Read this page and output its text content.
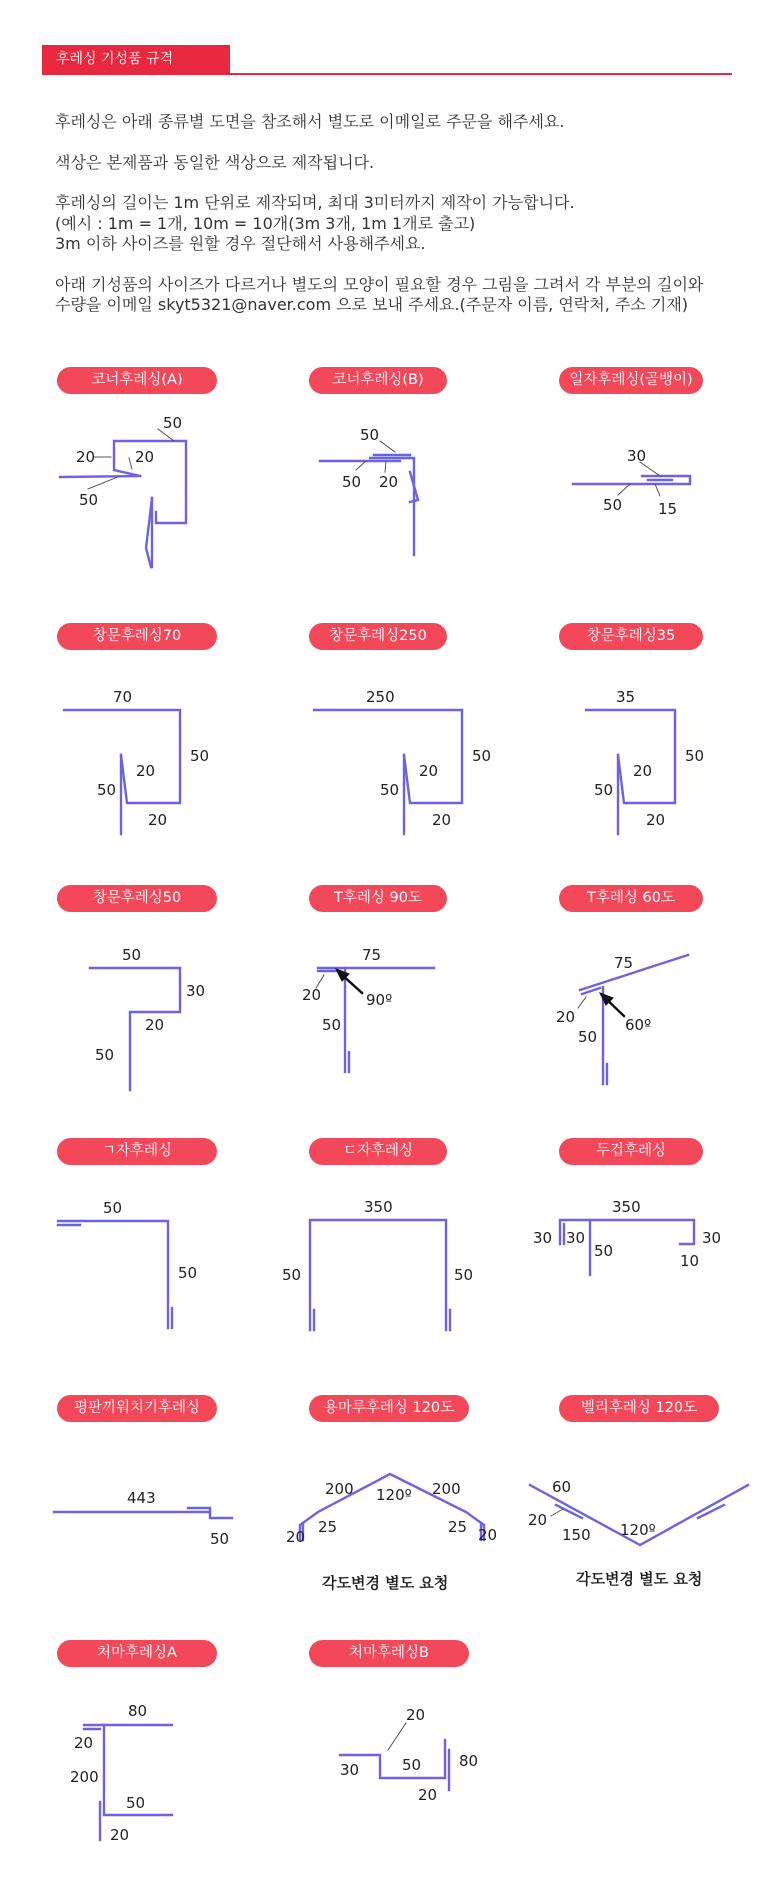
후레싱 기성품 규격

후레싱은 아래 종류별 도면을 참조해서 별도로 이메일로 주문을 해주세요.

색상은 본제품과 동일한 색상으로 제작됩니다.

후레싱의 길이는 1m 단위로 제작되며, 최대 3미터까지 제작이 가능합니다.
(예시 : 1m = 1개, 10m = 10개(3m 3개, 1m 1개로 출고)
3m 이하 사이즈를 원할 경우 절단해서 사용해주세요.

아래 기성품의 사이즈가 다르거나 별도의 모양이 필요할 경우 그림을 그려서 각 부분의 길이와
수량을 이메일 skyt5321@naver.com 으로 보내 주세요.(주문자 이름, 연락처, 주소 기재)

코너후레싱(A)	코너후레싱(B)	일자후레싱(골뱅이)
창문후레싱70	창문후레싱250	창문후레싱35
창문후레싱50	T후레싱 90도	T후레싱 60도
ㄱ자후레싱	ㄷ자후레싱	두겁후레싱
평판끼워치기후레싱	용마루후레싱 120도	벨리후레싱 120도
처마후레싱A	처마후레싱B
50
20	20
50
50
50 20
30
50 15
70
50
20
50
20
250
50
20
50
20
35
50
20
50
20
50
30
20
50
75
20	90º
50
75
20	60º
50
50
50
350
50	50
350
30 30
50
30
10
443
50
200 120º 200
20
25	25 20
각도변경 별도 요청
60
20
150 120º
각도변경 별도 요청
80
20
200
50
20
20
30	50	80
20
